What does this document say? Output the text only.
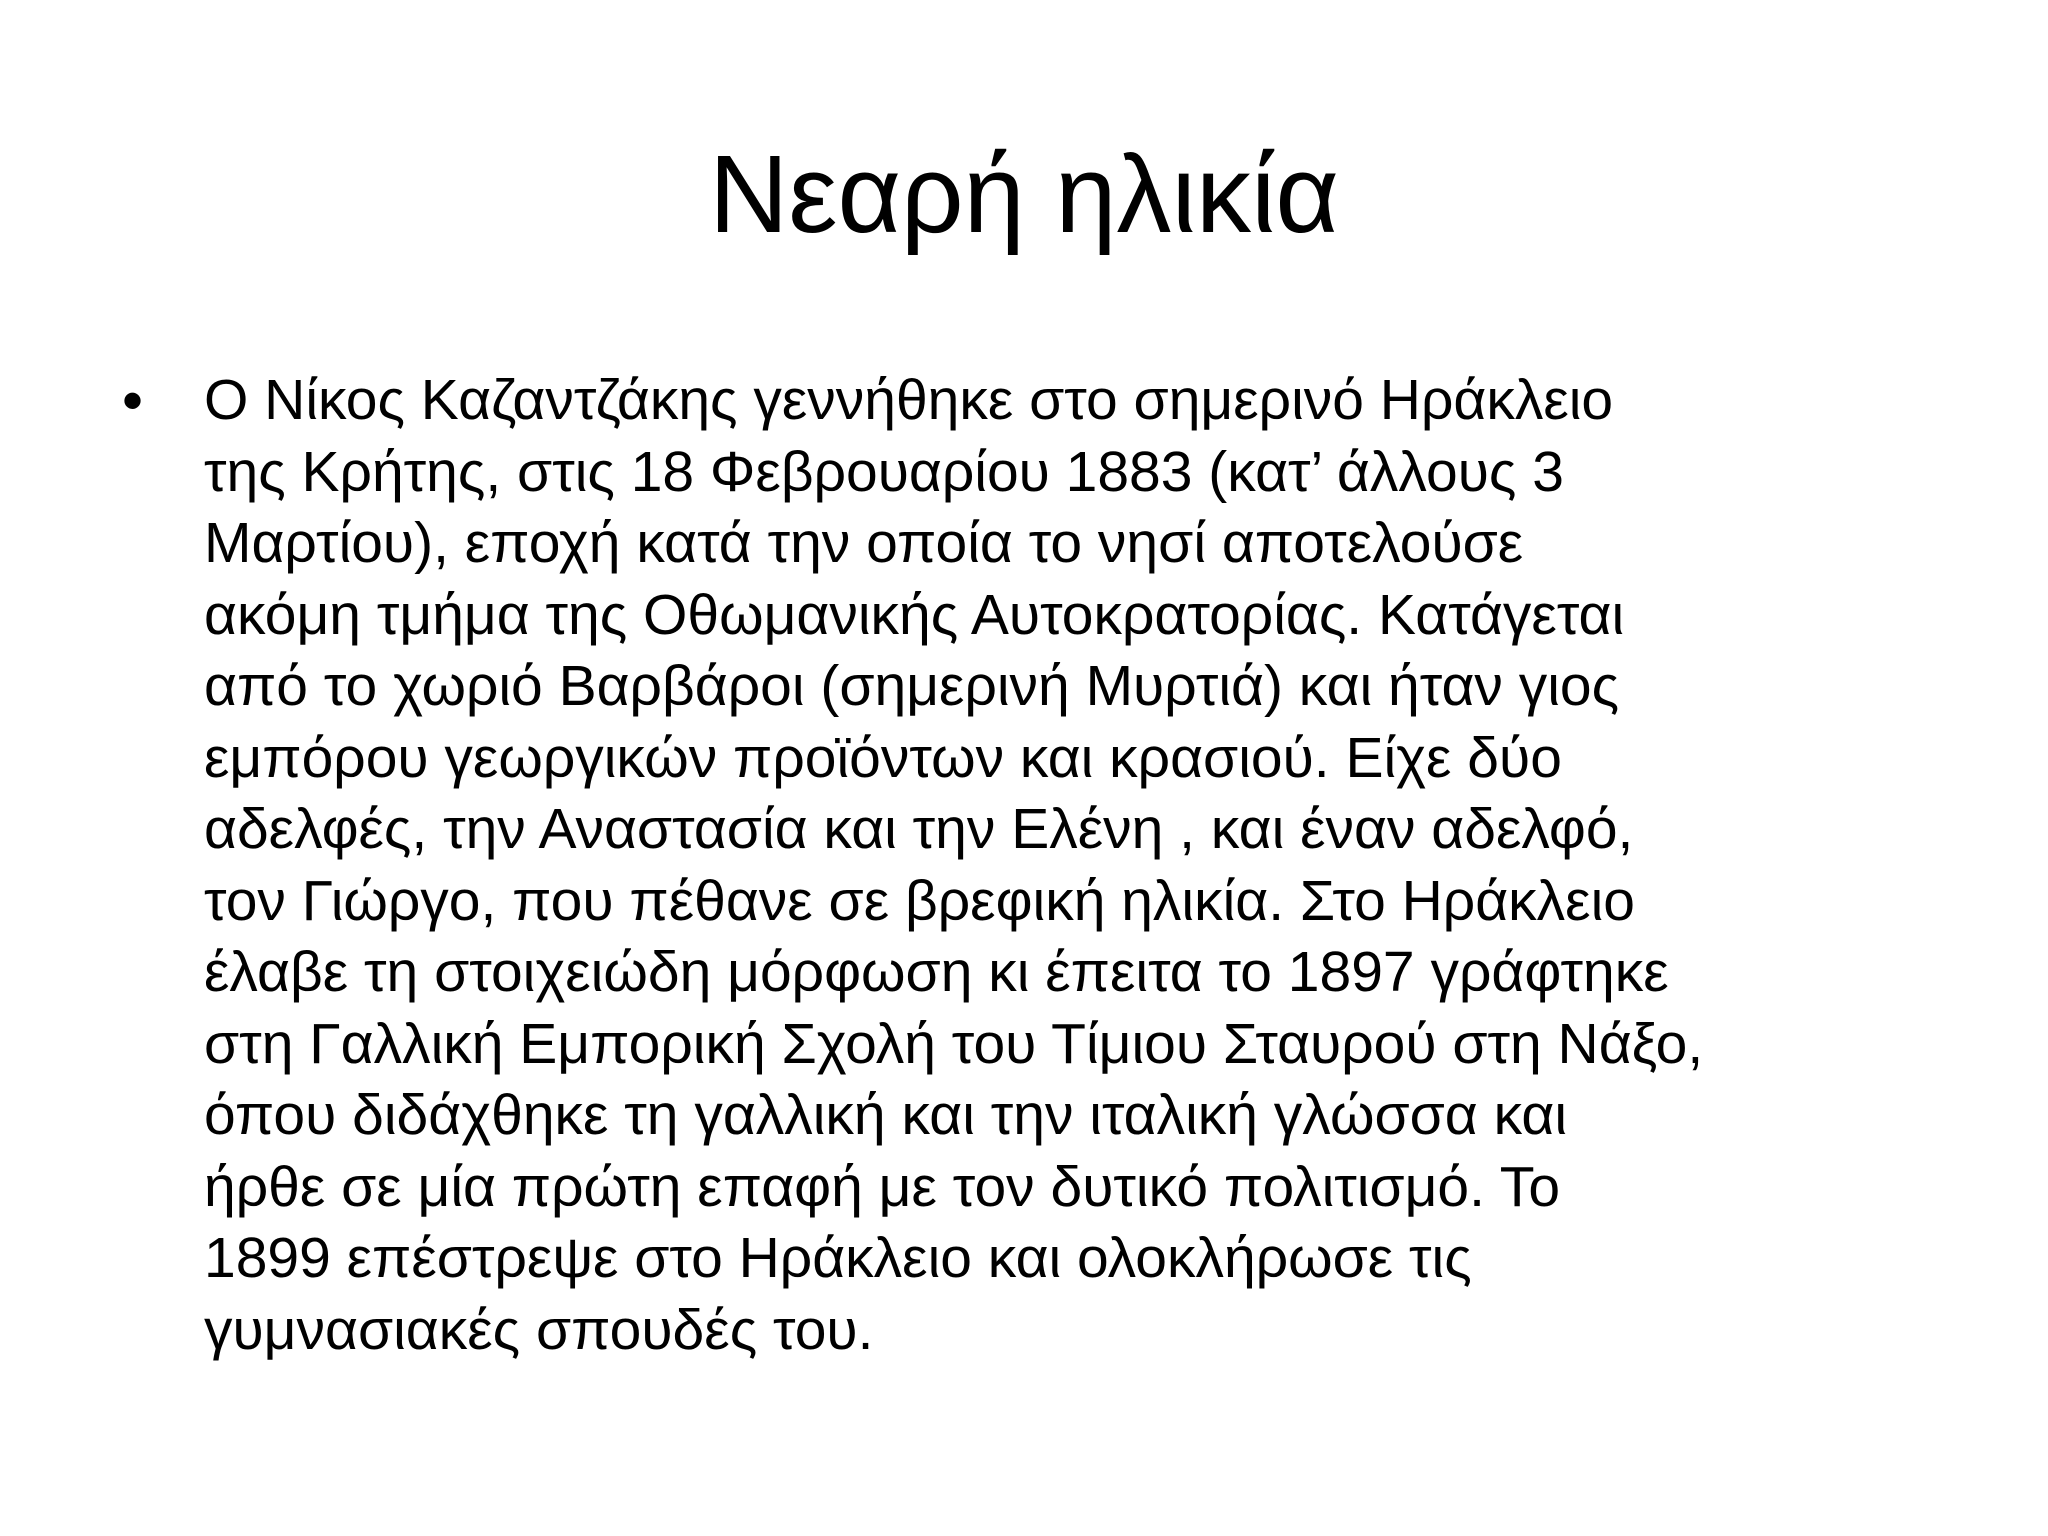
Νεαρή ηλικία
• Ο Νίκος Καζαντζάκης γεννήθηκε στο σημερινό Ηράκλειο
της Κρήτης, στις 18 Φεβρουαρίου 1883 (κατ’ άλλους 3
Μαρτίου), εποχή κατά την οποία το νησί αποτελούσε
ακόμη τμήμα της Οθωμανικής Αυτοκρατορίας. Κατάγεται
από το χωριό Βαρβάροι (σημερινή Μυρτιά) και ήταν γιος
εμπόρου γεωργικών προϊόντων και κρασιού. Είχε δύο
αδελφές, την Αναστασία και την Ελένη , και έναν αδελφό,
τον Γιώργο, που πέθανε σε βρεφική ηλικία. Στο Ηράκλειο
έλαβε τη στοιχειώδη μόρφωση κι έπειτα το 1897 γράφτηκε
στη Γαλλική Εμπορική Σχολή του Τίμιου Σταυρού στη Νάξο,
όπου διδάχθηκε τη γαλλική και την ιταλική γλώσσα και
ήρθε σε μία πρώτη επαφή με τον δυτικό πολιτισμό. Το
1899 επέστρεψε στο Ηράκλειο και ολοκλήρωσε τις
γυμνασιακές σπουδές του.
